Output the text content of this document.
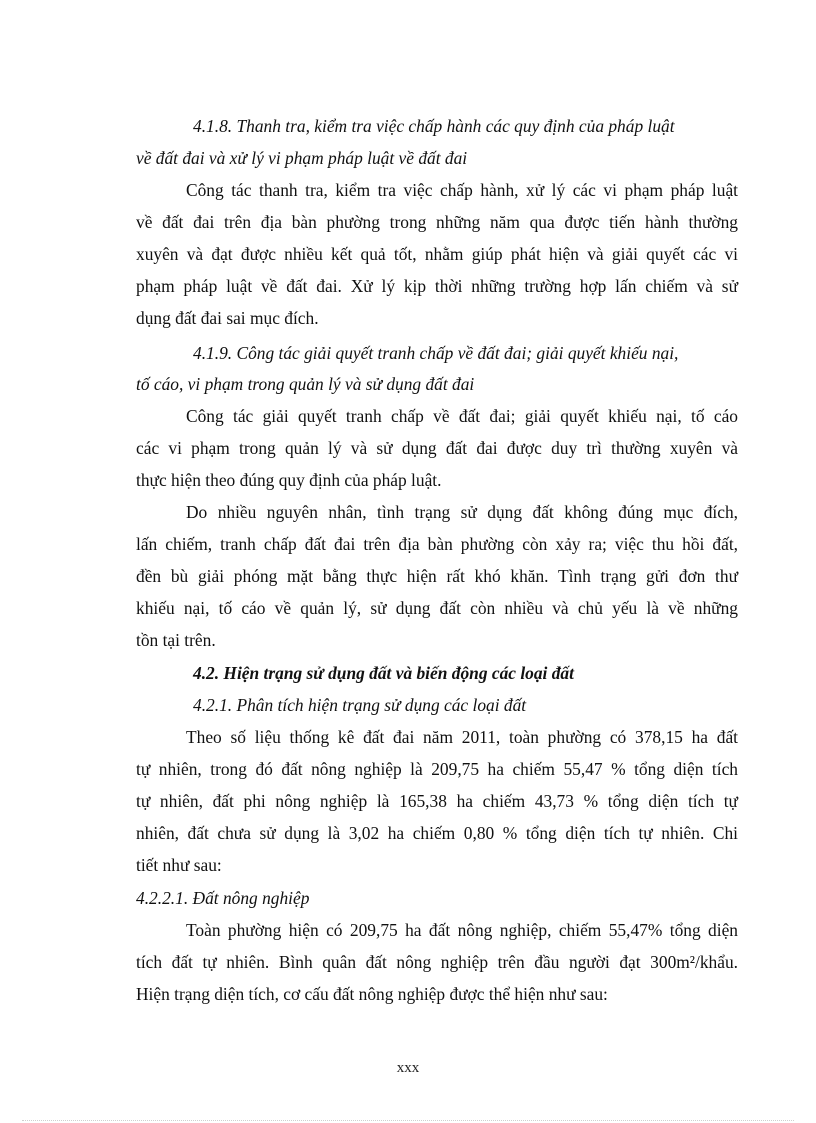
4.1.8. Thanh tra, kiểm tra việc chấp hành các quy định của pháp luật
về đất đai và xử lý vi phạm pháp luật về đất đai
Công tác thanh tra, kiểm tra việc chấp hành, xử lý các vi phạm pháp luật
về đất đai trên địa bàn phường trong những năm qua được tiến hành thường
xuyên và đạt được nhiều kết quả tốt, nhằm giúp phát hiện và giải quyết các vi
phạm pháp luật về đất đai. Xử lý kịp thời những trường hợp lấn chiếm và sử
dụng đất đai sai mục đích.
4.1.9. Công tác giải quyết tranh chấp về đất đai; giải quyết khiếu nại,
tố cáo, vi phạm trong quản lý và sử dụng đất đai
Công tác giải quyết tranh chấp về đất đai; giải quyết khiếu nại, tố cáo
các vi phạm trong quản lý và sử dụng đất đai được duy trì thường xuyên và
thực hiện theo đúng quy định của pháp luật.
Do nhiều nguyên nhân, tình trạng sử dụng đất không đúng mục đích,
lấn chiếm, tranh chấp đất đai trên địa bàn phường còn xảy ra; việc thu hồi đất,
đền bù giải phóng mặt bằng thực hiện rất khó khăn. Tình trạng gửi đơn thư
khiếu nại, tố cáo về quản lý, sử dụng đất còn nhiều và chủ yếu là về những
tồn tại trên.
4.2. Hiện trạng sử dụng đất và biến động các loại đất
4.2.1. Phân tích hiện trạng sử dụng các loại đất
Theo số liệu thống kê đất đai năm 2011, toàn phường có 378,15 ha đất
tự nhiên, trong đó đất nông nghiệp là 209,75 ha chiếm 55,47 % tổng diện tích
tự nhiên, đất phi nông nghiệp là 165,38 ha chiếm 43,73 % tổng diện tích tự
nhiên, đất chưa sử dụng là 3,02 ha chiếm 0,80 % tổng diện tích tự nhiên. Chi
tiết như sau:
4.2.2.1. Đất nông nghiệp
Toàn phường hiện có 209,75 ha đất nông nghiệp, chiếm 55,47% tổng diện
tích đất tự nhiên. Bình quân đất nông nghiệp trên đầu người đạt 300m²/khẩu.
Hiện trạng diện tích, cơ cấu đất nông nghiệp được thể hiện như sau:
xxx
